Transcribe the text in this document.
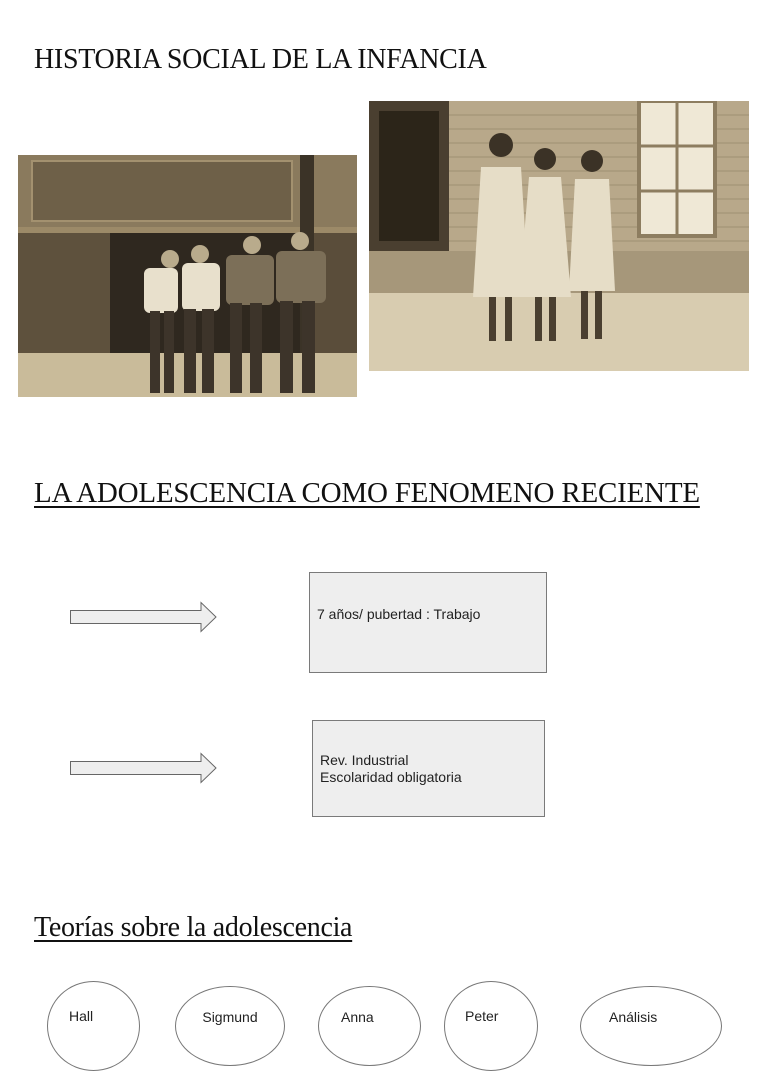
HISTORIA SOCIAL DE LA INFANCIA
LA ADOLESCENCIA COMO FENOMENO RECIENTE
7 años/ pubertad : Trabajo
Rev. Industrial
Escolaridad obligatoria
Teorías sobre la adolescencia
Hall	Sigmund	Anna	Peter	Análisis
